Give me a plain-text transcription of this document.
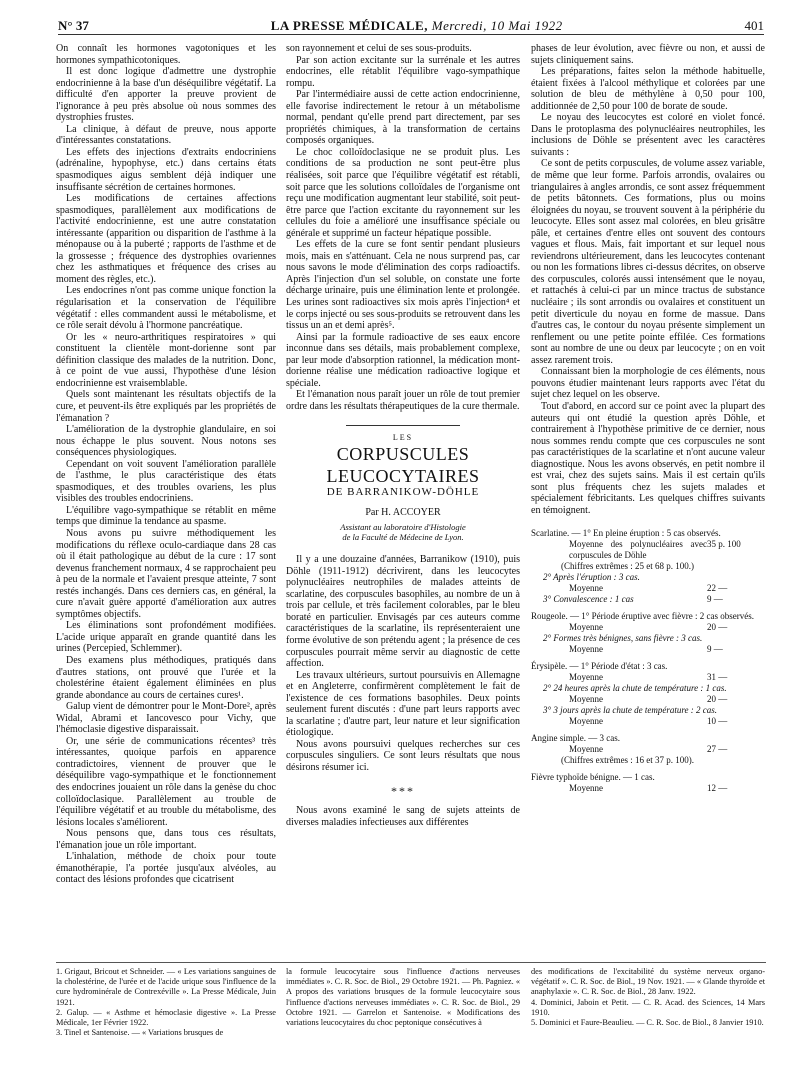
N° 37	LA PRESSE MÉDICALE, Mercredi, 10 Mai 1922	401

On connaît les hormones vagotoniques et les hormones sympathicotoniques.

Il est donc logique d'admettre une dystrophie endocrinienne à la base d'un déséquilibre végétatif. La difficulté d'en apporter la preuve provient de l'ignorance à peu près absolue où nous sommes des dystrophies frustes.

La clinique, à défaut de preuve, nous apporte d'intéressantes constatations.

Les effets des injections d'extraits endocriniens (adrénaline, hypophyse, etc.) dans certains états spasmodiques aigus semblent déjà indiquer une insuffisante sécrétion de certaines hormones.

Les modifications de certaines affections spasmodiques, parallèlement aux modifications de l'activité endocrinienne, est une autre constatation intéressante (apparition ou disparition de l'asthme à la ménopause ou à la puberté ; rapports de l'asthme et de la grossesse ; fréquence des dystrophies ovariennes chez les asthmatiques et fréquence des crises au moment des règles, etc.).

Les endocrines n'ont pas comme unique fonction la régularisation et la conservation de l'équilibre végétatif : elles commandent aussi le métabolisme, et ce rôle serait dévolu à l'hormone pancréatique.

Or les « neuro-arthritiques respiratoires » qui constituent la clientèle mont-dorienne sont par définition classique des malades de la nutrition. Donc, à ce point de vue aussi, l'hypothèse d'une lésion endocrinienne est vraisemblable.

Quels sont maintenant les résultats objectifs de la cure, et peuvent-ils être expliqués par les propriétés de l'émanation ?

L'amélioration de la dystrophie glandulaire, en soi nous échappe le plus souvent. Nous notons ses conséquences physiologiques.

Cependant on voit souvent l'amélioration parallèle de l'asthme, le plus caractéristique des états spasmodiques, et des troubles ovariens, les plus visibles des troubles endocriniens.

L'équilibre vago-sympathique se rétablit en même temps que diminue la tendance au spasme.

Nous avons pu suivre méthodiquement les modifications du réflexe oculo-cardiaque dans 28 cas où il était pathologique au début de la cure : 17 sont devenus franchement normaux, 4 se rapprochaient peu à peu de la normale et l'avaient presque atteinte, 7 sont restés inchangés. Dans ces derniers cas, en général, la cure n'avait guère apporté d'amélioration aux autres symptômes objectifs.

Les éliminations sont profondément modifiées. L'acide urique apparaît en grande quantité dans les urines (Percepied, Schlemmer).

Des examens plus méthodiques, pratiqués dans d'autres stations, ont prouvé que l'urée et la cholestérine étaient également éliminées en plus grande abondance au cours de certaines cures¹.

Galup vient de démontrer pour le Mont-Dore², après Widal, Abrami et Iancovesco pour Vichy, que l'hémoclasie digestive disparaissait.

Or, une série de communications récentes³ très intéressantes, quoique parfois en apparence contradictoires, viennent de prouver que le déséquilibre vago-sympathique et le fonctionnement des endocrines jouaient un rôle dans la genèse du choc colloïdoclasique. Parallèlement au trouble de l'équilibre végétatif et au trouble du métabolisme, des lésions locales s'améliorent.

Nous pensons que, dans tous ces résultats, l'émanation joue un rôle important.

L'inhalation, méthode de choix pour toute émanothérapie, l'a portée jusqu'aux alvéoles, au contact des lésions profondes que cicatrisent

son rayonnement et celui de ses sous-produits.

Par son action excitante sur la surrénale et les autres endocrines, elle rétablit l'équilibre vago-sympathique rompu.

Par l'intermédiaire aussi de cette action endocrinienne, elle favorise indirectement le retour à un métabolisme normal, pendant qu'elle prend part directement, par ses propriétés chimiques, à la transformation de certains composés organiques.

Le choc colloïdoclasique ne se produit plus. Les conditions de sa production ne sont peut-être plus réalisées, soit parce que l'équilibre végétatif est rétabli, soit parce que les solutions colloïdales de l'organisme ont reçu une modification augmentant leur stabilité, soit peut-être parce que l'action excitante du rayonnement sur les cellules du foie a amélioré une insuffisance spéciale ou générale et supprimé un facteur hépatique possible.

Les effets de la cure se font sentir pendant plusieurs mois, mais en s'atténuant. Cela ne nous surprend pas, car nous savons le mode d'élimination des corps radioactifs. Après l'injection d'un sel soluble, on constate une forte décharge urinaire, puis une élimination lente et prolongée. Les urines sont radioactives six mois après l'injection⁴ et le corps injecté ou ses sous-produits se retrouvent dans les tissus un an et demi après⁵.

Ainsi par la formule radioactive de ses eaux encore inconnue dans ses détails, mais probablement complexe, par leur mode d'absorption rationnel, la médication mont-dorienne réalise une médication radioactive logique et spéciale.

Et l'émanation nous paraît jouer un rôle de tout premier ordre dans les résultats thérapeutiques de la cure thermale.

LES
CORPUSCULES LEUCOCYTAIRES
DE BARRANIKOW-DÖHLE
Par H. ACCOYER
Assistant au laboratoire d'Histologie
de la Faculté de Médecine de Lyon.

Il y a une douzaine d'années, Barranikow (1910), puis Döhle (1911-1912) décrivirent, dans les leucocytes polynucléaires neutrophiles de malades atteints de scarlatine, des corpuscules basophiles, au nombre de un à trois par cellule, et très facilement colorables, par le bleu boraté en particulier. Envisagés par ces auteurs comme caractéristiques de la scarlatine, ils représenteraient une forme évolutive de son prétendu agent ; la présence de ces corpuscules pourrait même servir au diagnostic de cette affection.

Les travaux ultérieurs, surtout poursuivis en Allemagne et en Angleterre, confirmèrent complètement le fait de l'existence de ces formations basophiles. Deux points seulement furent discutés : d'une part leurs rapports avec la scarlatine ; d'autre part, leur nature et leur signification étiologique.

Nous avons poursuivi quelques recherches sur ces corpuscules singuliers. Ce sont leurs résultats que nous désirons résumer ici.

***

Nous avons examiné le sang de sujets atteints de diverses maladies infectieuses aux différentes

phases de leur évolution, avec fièvre ou non, et aussi de sujets cliniquement sains.

Les préparations, faites selon la méthode habituelle, étaient fixées à l'alcool méthylique et colorées par une solution de bleu de méthylène à 0,50 pour 100, additionnée de 2,50 pour 100 de borate de soude.

Le noyau des leucocytes est coloré en violet foncé. Dans le protoplasma des polynucléaires neutrophiles, les inclusions de Döhle se présentent avec les caractères suivants :

Ce sont de petits corpuscules, de volume assez variable, de même que leur forme. Parfois arrondis, ovalaires ou triangulaires à angles arrondis, ce sont assez fréquemment de petits bâtonnets. Ces formations, plus ou moins éloignées du noyau, se trouvent souvent à la périphérie du leucocyte. Elles sont assez mal colorées, en bleu grisâtre pâle, et certaines d'entre elles ont souvent des contours vagues et flous. Mais, fait important et sur lequel nous reviendrons ultérieurement, dans les leucocytes contenant ou non les formations libres ci-dessus décrites, on observe des corpuscules, colorés aussi intensément que le noyau, et rattachés à celui-ci par un mince tractus de substance nucléaire ; ils sont arrondis ou ovalaires et constituent un petit diverticule du noyau en forme de massue. Dans d'autres cas, le contour du noyau présente simplement un renflement ou une petite pointe effilée. Ces formations sont au nombre de une ou deux par leucocyte ; on en voit assez rarement trois.

Connaissant bien la morphologie de ces éléments, nous pouvons étudier maintenant leurs rapports avec l'état du sujet chez lequel on les observe.

Tout d'abord, en accord sur ce point avec la plupart des auteurs qui ont étudié la question après Döhle, et contrairement à l'hypothèse primitive de ce dernier, nous nous sommes rendu compte que ces corpuscules ne sont pas caractéristiques de la scarlatine et n'ont aucune valeur diagnostique. Nous les avons observés, en petit nombre il est vrai, chez des sujets sains. Mais il est certain qu'ils sont plus fréquents chez les sujets malades et spécialement fébricitants. Les quelques chiffres suivants en témoignent.

Scarlatine. — 1° En pleine éruption : 5 cas observés.
Moyenne des polynucléaires avec corpuscules de Döhle
35 p. 100
(Chiffres extrêmes : 25 et 68 p. 100.)
2° Après l'éruption : 3 cas.
Moyenne	22 —
3° Convalescence : 1 cas	9 —
Rougeole. — 1° Période éruptive avec fièvre : 2 cas observés.
Moyenne	20 —
2° Formes très bénignes, sans fièvre : 3 cas.
Moyenne	9 —
Érysipèle. — 1° Période d'état : 3 cas.
Moyenne	31 —
2° 24 heures après la chute de température : 1 cas.
Moyenne	20 —
3° 3 jours après la chute de température : 2 cas.
Moyenne	10 —
Angine simple. — 3 cas.
Moyenne	27 —
(Chiffres extrêmes : 16 et 37 p. 100).
Fièvre typhoïde bénigne. — 1 cas.
Moyenne	12 —

1. Grigaut, Bricout et Schneider. — « Les variations sanguines de la cholestérine, de l'urée et de l'acide urique sous l'influence de la cure hydrominérale de Contrexéville ». La Presse Médicale, Juin 1921.

2. Galup. — « Asthme et hémoclasie digestive ». La Presse Médicale, 1er Février 1922.

3. Tinel et Santenoise. — « Variations brusques de

la formule leucocytaire sous l'influence d'actions nerveuses immédiates ». C. R. Soc. de Biol., 29 Octobre 1921. — Ph. Pagniez. « A propos des variations brusques de la formule leucocytaire sous l'influence d'actions nerveuses immédiates ». C. R. Soc. de Biol., 29 Octobre 1921. — Garrelon et Santenoise. « Modifications des variations leucocytaires du choc peptonique consécutives à

des modifications de l'excitabilité du système nerveux organo-végétatif ». C. R. Soc. de Biol., 19 Nov. 1921. — « Glande thyroïde et anaphylaxie ». C. R. Soc. de Biol., 28 Janv. 1922.

4. Dominici, Jaboin et Petit. — C. R. Acad. des Sciences, 14 Mars 1910.

5. Dominici et Faure-Beaulieu. — C. R. Soc. de Biol., 8 Janvier 1910.
